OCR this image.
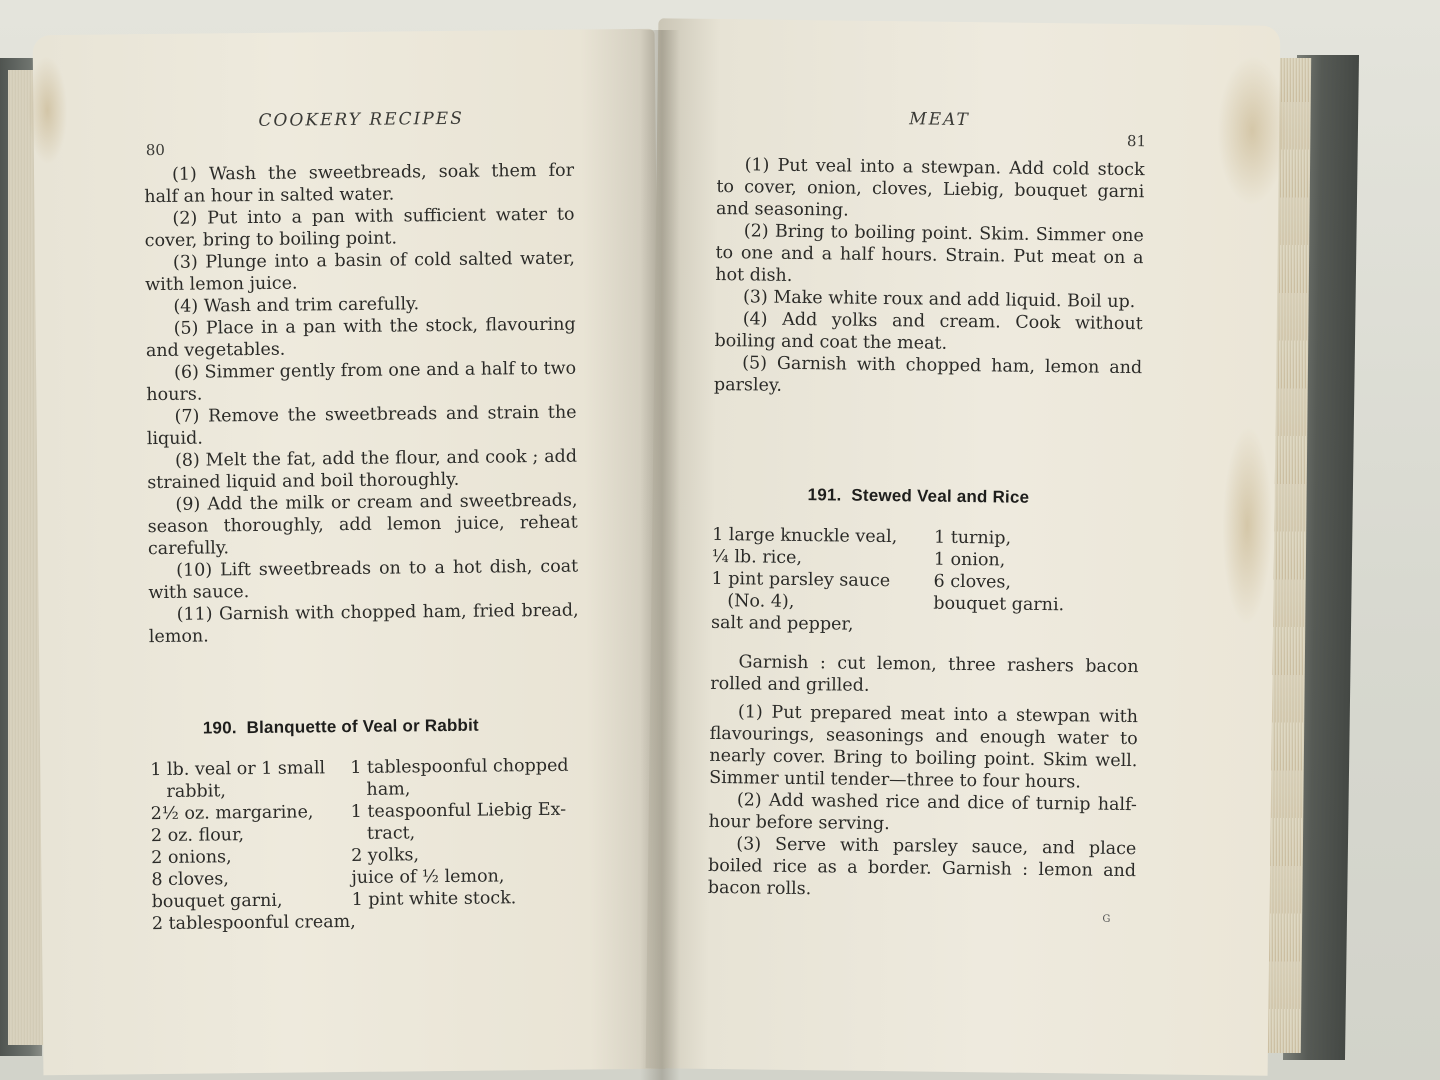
80
COOKERY RECIPES

(1) Wash the sweetbreads, soak them for half an hour in salted water.

(2) Put into a pan with sufficient water to cover, bring to boiling point.

(3) Plunge into a basin of cold salted water, with lemon juice.

(4) Wash and trim carefully.

(5) Place in a pan with the stock, flavouring and vegetables.

(6) Simmer gently from one and a half to two hours.

(7) Remove the sweetbreads and strain the liquid.

(8) Melt the fat, add the flour, and cook ; add strained liquid and boil thoroughly.

(9) Add the milk or cream and sweetbreads, season thoroughly, add lemon juice, reheat carefully.

(10) Lift sweetbreads on to a hot dish, coat with sauce.

(11) Garnish with chopped ham, fried bread, lemon.

190. Blanquette of Veal or Rabbit
1 lb. veal or 1 small
rabbit,
2½ oz. margarine,
2 oz. flour,
2 onions,
8 cloves,
bouquet garni,
2 tablespoonful cream,
1 tablespoonful chopped
ham,
1 teaspoonful Liebig Ex-
tract,
2 yolks,
juice of ½ lemon,
1 pint white stock.
MEAT
81

(1) Put veal into a stewpan. Add cold stock to cover, onion, cloves, Liebig, bouquet garni and seasoning.

(2) Bring to boiling point. Skim. Simmer one to one and a half hours. Strain. Put meat on a hot dish.

(3) Make white roux and add liquid. Boil up.

(4) Add yolks and cream. Cook without boiling and coat the meat.

(5) Garnish with chopped ham, lemon and parsley.

191. Stewed Veal and Rice
1 large knuckle veal,
¼ lb. rice,
1 pint parsley sauce
(No. 4),
salt and pepper,
1 turnip,
1 onion,
6 cloves,
bouquet garni.

Garnish : cut lemon, three rashers bacon rolled and grilled.

(1) Put prepared meat into a stewpan with flavourings, seasonings and enough water to nearly cover. Bring to boiling point. Skim well. Simmer until tender—three to four hours.

(2) Add washed rice and dice of turnip half-hour before serving.

(3) Serve with parsley sauce, and place boiled rice as a border. Garnish : lemon and bacon rolls.

G
